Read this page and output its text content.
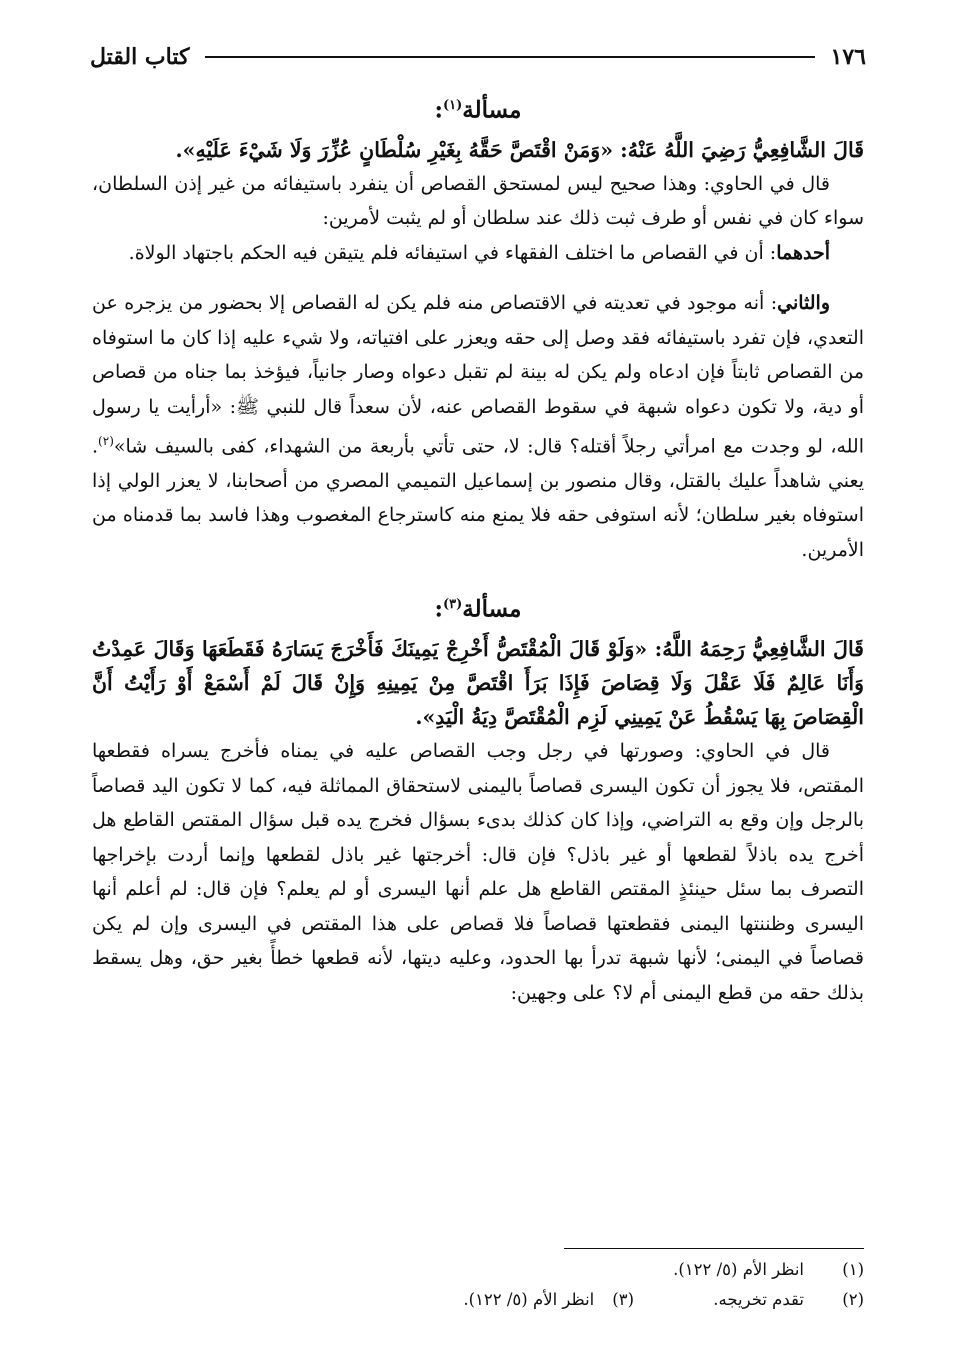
١٧٦
كتاب القتل
مسألة$^{(١)}$:

قَالَ الشَّافِعِيُّ رَضِيَ اللَّهُ عَنْهُ: «وَمَنْ اقْتَصَّ حَقَّهُ بِغَيْرِ سُلْطَانٍ عُزِّرَ وَلَا شَيْءَ عَلَيْهِ».

قال في الحاوي: وهذا صحيح ليس لمستحق القصاص أن ينفرد باستيفائه من غير إذن السلطان، سواء كان في نفس أو طرف ثبت ذلك عند سلطان أو لم يثبت لأمرين:

أحدهما: أن في القصاص ما اختلف الفقهاء في استيفائه فلم يتيقن فيه الحكم باجتهاد الولاة.

والثاني: أنه موجود في تعديته في الاقتصاص منه فلم يكن له القصاص إلا بحضور من يزجره عن التعدي، فإن تفرد باستيفائه فقد وصل إلى حقه ويعزر على افتياته، ولا شيء عليه إذا كان ما استوفاه من القصاص ثابتاً فإن ادعاه ولم يكن له بينة لم تقبل دعواه وصار جانياً، فيؤخذ بما جناه من قصاص أو دية، ولا تكون دعواه شبهة في سقوط القصاص عنه، لأن سعداً قال للنبي ﷺ: «أرأيت يا رسول الله، لو وجدت مع امرأتي رجلاً أقتله؟ قال: لا، حتى تأتي بأربعة من الشهداء، كفى بالسيف شا»$^{(٢)}$. يعني شاهداً عليك بالقتل، وقال منصور بن إسماعيل التميمي المصري من أصحابنا، لا يعزر الولي إذا استوفاه بغير سلطان؛ لأنه استوفى حقه فلا يمنع منه كاسترجاع المغصوب وهذا فاسد بما قدمناه من الأمرين.

مسألة$^{(٣)}$:

قَالَ الشَّافِعِيُّ رَحِمَهُ اللَّهُ: «وَلَوْ قَالَ الْمُقْتَصُّ أَخْرِجْ يَمِينَكَ فَأَخْرَجَ يَسَارَهُ فَقَطَعَهَا وَقَالَ عَمِدْتُ وَأَنَا عَالِمٌ فَلَا عَقْلَ وَلَا قِصَاصَ فَإِذَا بَرَأَ اقْتَصَّ مِنْ يَمِينِهِ وَإِنْ قَالَ لَمْ أَسْمَعْ أَوْ رَأَيْتُ أَنَّ الْقِصَاصَ بِهَا يَسْقُطُ عَنْ يَمِينِي لَزِم الْمُقْتَصَّ دِيَةُ الْيَدِ».

قال في الحاوي: وصورتها في رجل وجب القصاص عليه في يمناه فأخرج يسراه فقطعها المقتص، فلا يجوز أن تكون اليسرى قصاصاً باليمنى لاستحقاق المماثلة فيه، كما لا تكون اليد قصاصاً بالرجل وإن وقع به التراضي، وإذا كان كذلك بدىء بسؤال فخرج يده قبل سؤال المقتص القاطع هل أخرج يده باذلاً لقطعها أو غير باذل؟ فإن قال: أخرجتها غير باذل لقطعها وإنما أردت بإخراجها التصرف بما سئل حينئذٍ المقتص القاطع هل علم أنها اليسرى أو لم يعلم؟ فإن قال: لم أعلم أنها اليسرى وظننتها اليمنى فقطعتها قصاصاً فلا قصاص على هذا المقتص في اليسرى وإن لم يكن قصاصاً في اليمنى؛ لأنها شبهة تدرأ بها الحدود، وعليه ديتها، لأنه قطعها خطأً بغير حق، وهل يسقط بذلك حقه من قطع اليمنى أم لا؟ على وجهين:

(١)
انظر الأم (٥/ ١٢٢).
(٢)
تقدم تخريجه.
(٣)
انظر الأم (٥/ ١٢٢).
